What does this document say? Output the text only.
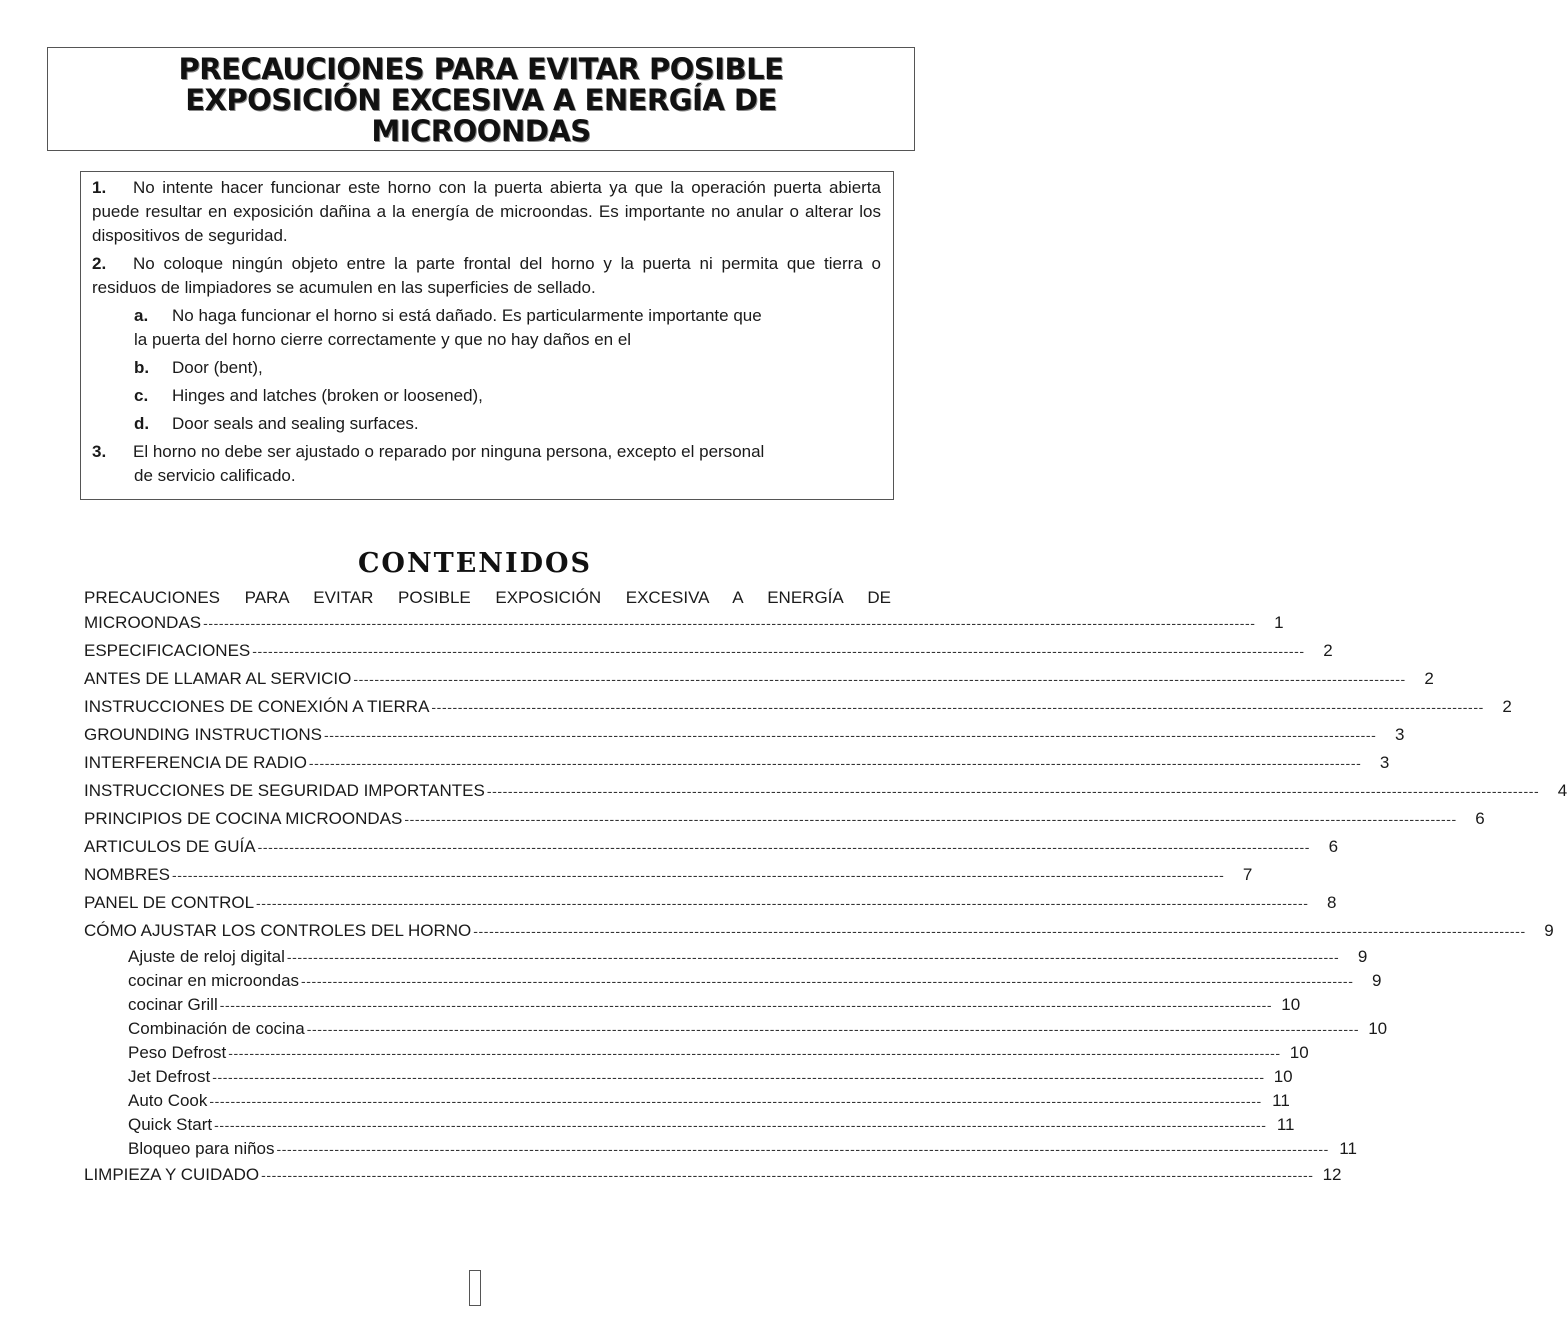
PRECAUCIONES PARA EVITAR POSIBLE
EXPOSICIÓN EXCESIVA A ENERGÍA DE
MICROONDAS

1. No intente hacer funcionar este horno con la puerta abierta ya que la operación puerta abierta puede resultar en exposición dañina a la energía de microondas. Es importante no anular o alterar los dispositivos de seguridad.

2. No coloque ningún objeto entre la parte frontal del horno y la puerta ni permita que tierra o residuos de limpiadores se acumulen en las superficies de sellado.

a. No haga funcionar el horno si está dañado. Es particularmente importante que

la puerta del horno cierre correctamente y que no hay daños en el

b. Door (bent),

c. Hinges and latches (broken or loosened),

d. Door seals and sealing surfaces.

3. El horno no debe ser ajustado o reparado por ninguna persona, excepto el personal

de servicio calificado.

CONTENIDOS
PRECAUCIONES PARA EVITAR POSIBLE EXPOSICIÓN EXCESIVA A ENERGÍA DE
MICROONDAS --------------------------------------------------------------------------------------------------------------------------------------------------------------------------------------------------------	1
ESPECIFICACIONES --------------------------------------------------------------------------------------------------------------------------------------------------------------------------------------------------------	2
ANTES DE LLAMAR AL SERVICIO --------------------------------------------------------------------------------------------------------------------------------------------------------------------------------------------------------	2
INSTRUCCIONES DE CONEXIÓN A TIERRA --------------------------------------------------------------------------------------------------------------------------------------------------------------------------------------------------------	2
GROUNDING INSTRUCTIONS --------------------------------------------------------------------------------------------------------------------------------------------------------------------------------------------------------	3
INTERFERENCIA DE RADIO --------------------------------------------------------------------------------------------------------------------------------------------------------------------------------------------------------	3
INSTRUCCIONES DE SEGURIDAD IMPORTANTES --------------------------------------------------------------------------------------------------------------------------------------------------------------------------------------------------------	4
PRINCIPIOS DE COCINA MICROONDAS --------------------------------------------------------------------------------------------------------------------------------------------------------------------------------------------------------	6
ARTICULOS DE GUÍA --------------------------------------------------------------------------------------------------------------------------------------------------------------------------------------------------------	6
NOMBRES --------------------------------------------------------------------------------------------------------------------------------------------------------------------------------------------------------	7
PANEL DE CONTROL --------------------------------------------------------------------------------------------------------------------------------------------------------------------------------------------------------	8
CÓMO AJUSTAR LOS CONTROLES DEL HORNO --------------------------------------------------------------------------------------------------------------------------------------------------------------------------------------------------------	9
Ajuste de reloj digital --------------------------------------------------------------------------------------------------------------------------------------------------------------------------------------------------------	9
cocinar en microondas --------------------------------------------------------------------------------------------------------------------------------------------------------------------------------------------------------	9
cocinar Grill -------------------------------------------------------------------------------------------------------------------------------------------------------------------------------------------------------- 10
Combinación de cocina -------------------------------------------------------------------------------------------------------------------------------------------------------------------------------------------------------- 10
Peso Defrost -------------------------------------------------------------------------------------------------------------------------------------------------------------------------------------------------------- 10
Jet Defrost -------------------------------------------------------------------------------------------------------------------------------------------------------------------------------------------------------- 10
Auto Cook -------------------------------------------------------------------------------------------------------------------------------------------------------------------------------------------------------- 11
Quick Start -------------------------------------------------------------------------------------------------------------------------------------------------------------------------------------------------------- 11
Bloqueo para niños -------------------------------------------------------------------------------------------------------------------------------------------------------------------------------------------------------- 11
LIMPIEZA Y CUIDADO -------------------------------------------------------------------------------------------------------------------------------------------------------------------------------------------------------- 12
